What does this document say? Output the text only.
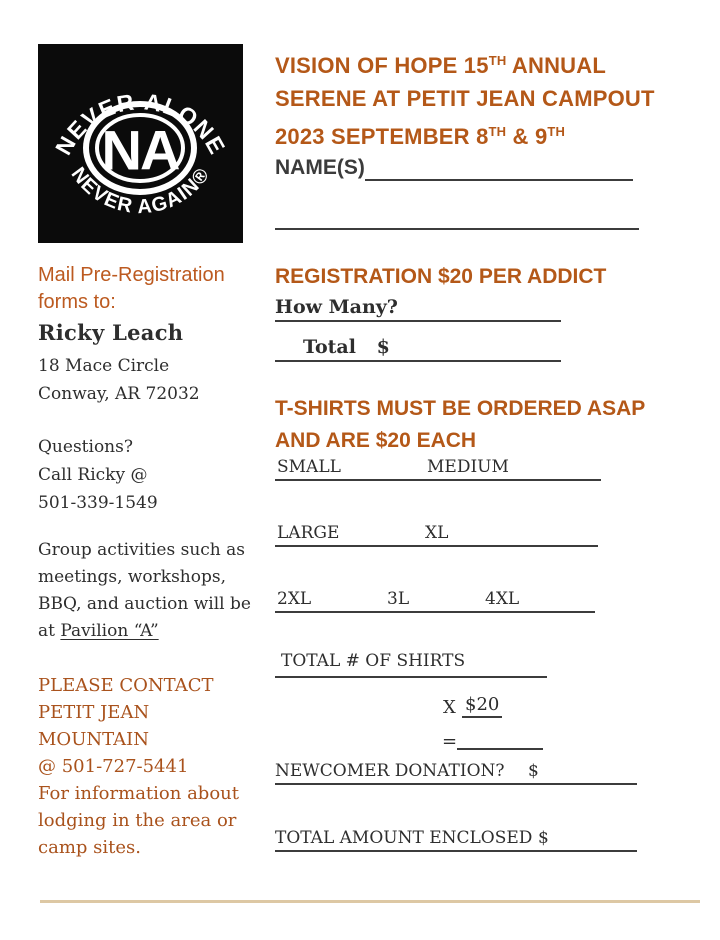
NEVER ALONE
NEVER AGAIN®
NA
VISION OF HOPE 15TH ANNUAL
SERENE AT PETIT JEAN CAMPOUT
2023 SEPTEMBER 8TH & 9TH
NAME(S)
Mail Pre-Registration forms to:
Ricky Leach
18 Mace Circle
Conway, AR 72032
Questions?
Call Ricky @
501-339-1549
Group activities such as meetings, workshops, BBQ, and auction will be at Pavilion “A”
PLEASE CONTACT
PETIT JEAN
MOUNTAIN
@ 501-727-5441
For information about lodging in the area or camp sites.
REGISTRATION $20 PER ADDICT
How Many?
Total $
T-SHIRTS MUST BE ORDERED ASAP
AND ARE $20 EACH
SMALL	MEDIUM
LARGE	XL
2XL	3L	4XL
TOTAL # OF SHIRTS
X $20
=
NEWCOMER DONATION? $
TOTAL AMOUNT ENCLOSED $
